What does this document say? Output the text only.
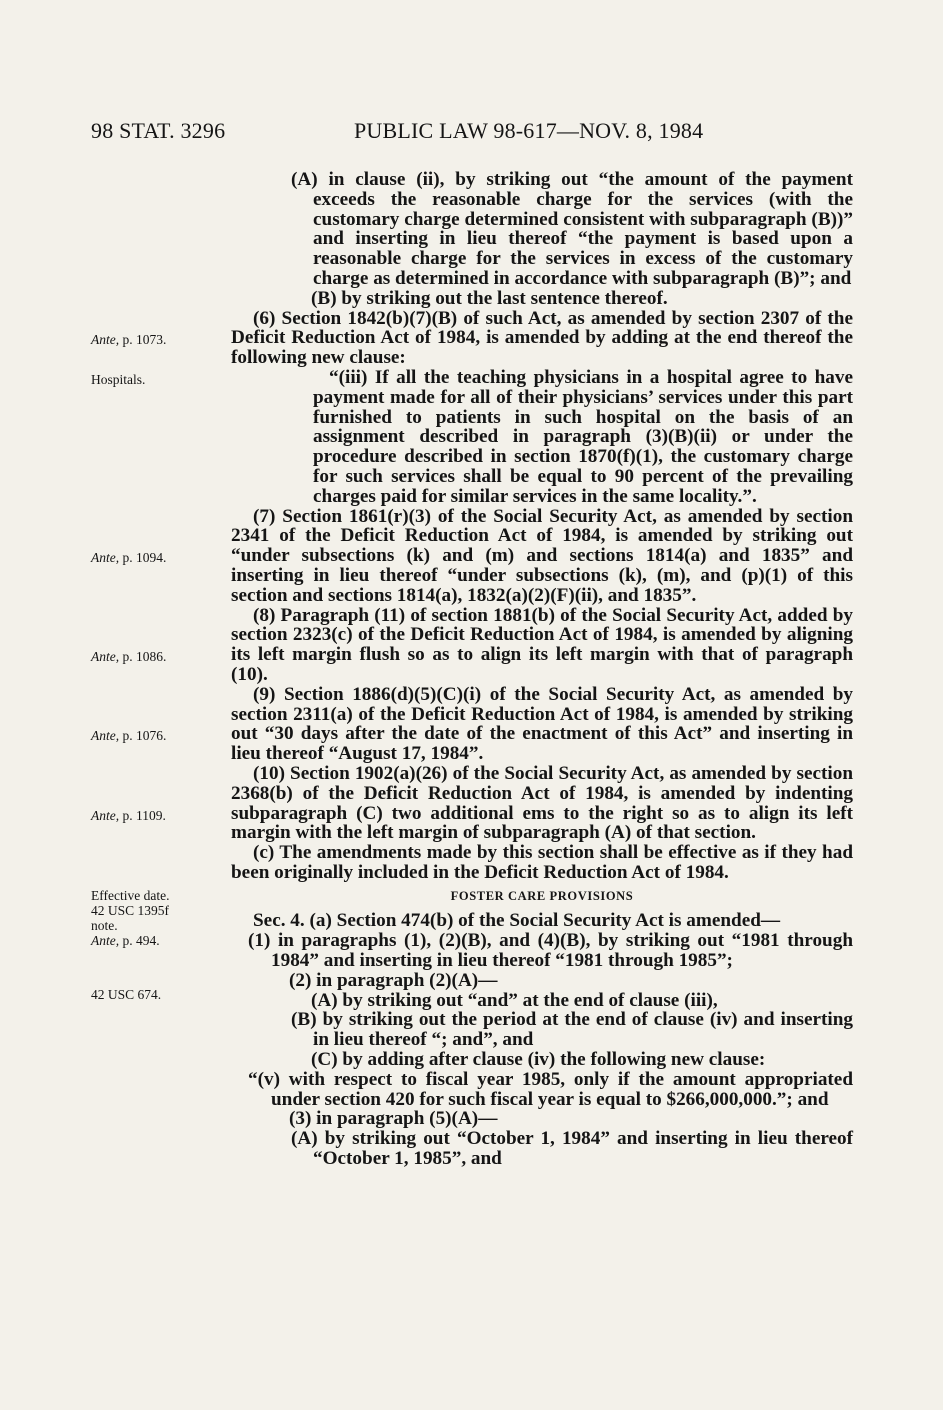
98 STAT. 3296	PUBLIC LAW 98-617—NOV. 8, 1984
Ante, p. 1073.
Hospitals.
Ante, p. 1094.
Ante, p. 1086.
Ante, p. 1076.
Ante, p. 1109.
Effective date.
42 USC 1395f
note.
Ante, p. 494.
42 USC 674.

(A) in clause (ii), by striking out “the amount of the payment exceeds the reasonable charge for the services (with the customary charge determined consistent with subparagraph (B))” and inserting in lieu thereof “the payment is based upon a reasonable charge for the services in excess of the customary charge as determined in accordance with subparagraph (B)”; and

(B) by striking out the last sentence thereof.

(6) Section 1842(b)(7)(B) of such Act, as amended by section 2307 of the Deficit Reduction Act of 1984, is amended by adding at the end thereof the following new clause:

“(iii) If all the teaching physicians in a hospital agree to have payment made for all of their physicians’ services under this part furnished to patients in such hospital on the basis of an assignment described in paragraph (3)(B)(ii) or under the procedure described in section 1870(f)(1), the customary charge for such services shall be equal to 90 percent of the prevailing charges paid for similar services in the same locality.”.

(7) Section 1861(r)(3) of the Social Security Act, as amended by section 2341 of the Deficit Reduction Act of 1984, is amended by striking out “under subsections (k) and (m) and sections 1814(a) and 1835” and inserting in lieu thereof “under subsections (k), (m), and (p)(1) of this section and sections 1814(a), 1832(a)(2)(F)(ii), and 1835”.

(8) Paragraph (11) of section 1881(b) of the Social Security Act, added by section 2323(c) of the Deficit Reduction Act of 1984, is amended by aligning its left margin flush so as to align its left margin with that of paragraph (10).

(9) Section 1886(d)(5)(C)(i) of the Social Security Act, as amended by section 2311(a) of the Deficit Reduction Act of 1984, is amended by striking out “30 days after the date of the enactment of this Act” and inserting in lieu thereof “August 17, 1984”.

(10) Section 1902(a)(26) of the Social Security Act, as amended by section 2368(b) of the Deficit Reduction Act of 1984, is amended by indenting subparagraph (C) two additional ems to the right so as to align its left margin with the left margin of subparagraph (A) of that section.

(c) The amendments made by this section shall be effective as if they had been originally included in the Deficit Reduction Act of 1984.

FOSTER CARE PROVISIONS

Sec. 4. (a) Section 474(b) of the Social Security Act is amended—

(1) in paragraphs (1), (2)(B), and (4)(B), by striking out “1981 through 1984” and inserting in lieu thereof “1981 through 1985”;

(2) in paragraph (2)(A)—

(A) by striking out “and” at the end of clause (iii),

(B) by striking out the period at the end of clause (iv) and inserting in lieu thereof “; and”, and

(C) by adding after clause (iv) the following new clause:

“(v) with respect to fiscal year 1985, only if the amount appropriated under section 420 for such fiscal year is equal to $266,000,000.”; and

(3) in paragraph (5)(A)—

(A) by striking out “October 1, 1984” and inserting in lieu thereof “October 1, 1985”, and
